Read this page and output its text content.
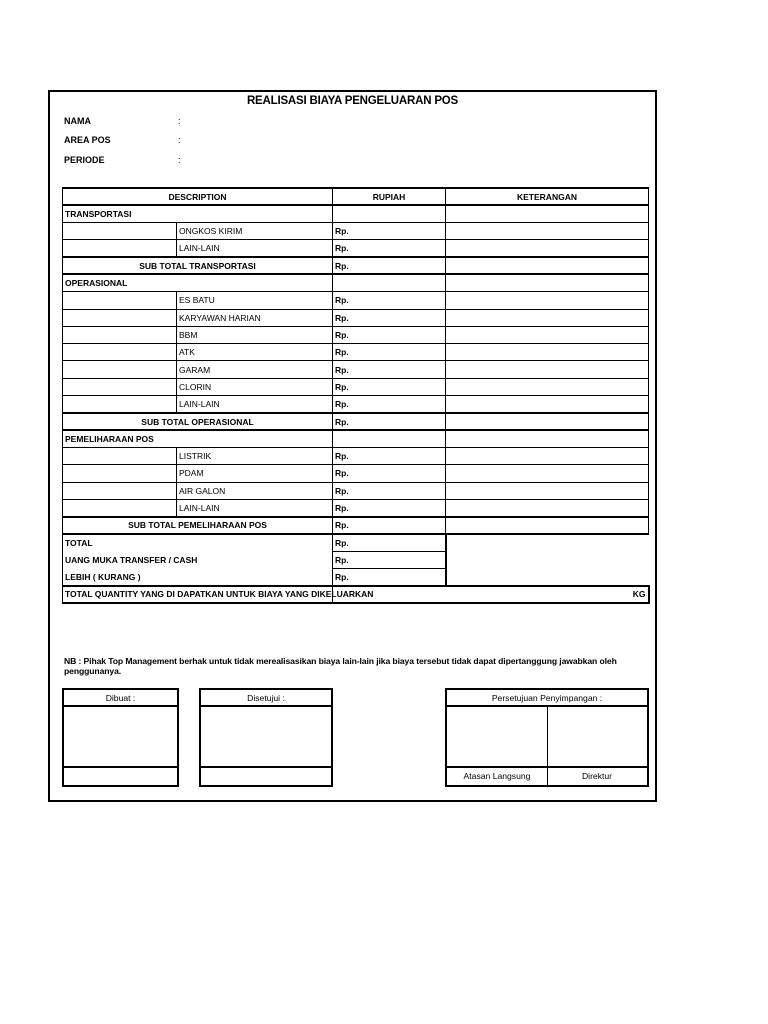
REALISASI BIAYA PENGELUARAN POS
NAMA	:
AREA POS	:
PERIODE	:
DESCRIPTION		RUPIAH	KETERANGAN
TRANSPORTASI			
	ONGKOS KIRIM	Rp.	
	LAIN-LAIN	Rp.	
SUB TOTAL TRANSPORTASI		Rp.	
OPERASIONAL			
	ES BATU	Rp.	
	KARYAWAN HARIAN	Rp.	
	BBM	Rp.	
	ATK	Rp.	
	GARAM	Rp.	
	CLORIN	Rp.	
	LAIN-LAIN	Rp.	
SUB TOTAL OPERASIONAL		Rp.	
PEMELIHARAAN POS			
	LISTRIK	Rp.	
	PDAM	Rp.	
	AIR GALON	Rp.	
	LAIN-LAIN	Rp.	
SUB TOTAL PEMELIHARAAN POS		Rp.	
TOTAL		Rp.	
UANG MUKA TRANSFER / CASH		Rp.	
LEBIH ( KURANG )		Rp.	
TOTAL QUANTITY YANG DI DAPATKAN UNTUK BIAYA YANG DIKELUARKAN		KG	
NB : Pihak Top Management berhak untuk tidak merealisasikan biaya lain-lain jika biaya tersebut tidak dapat dipertanggung jawabkan oleh penggunanya.
Dibuat :	Disetujui :	Persetujuan Penyimpangan :
Atasan Langsung	Direktur
